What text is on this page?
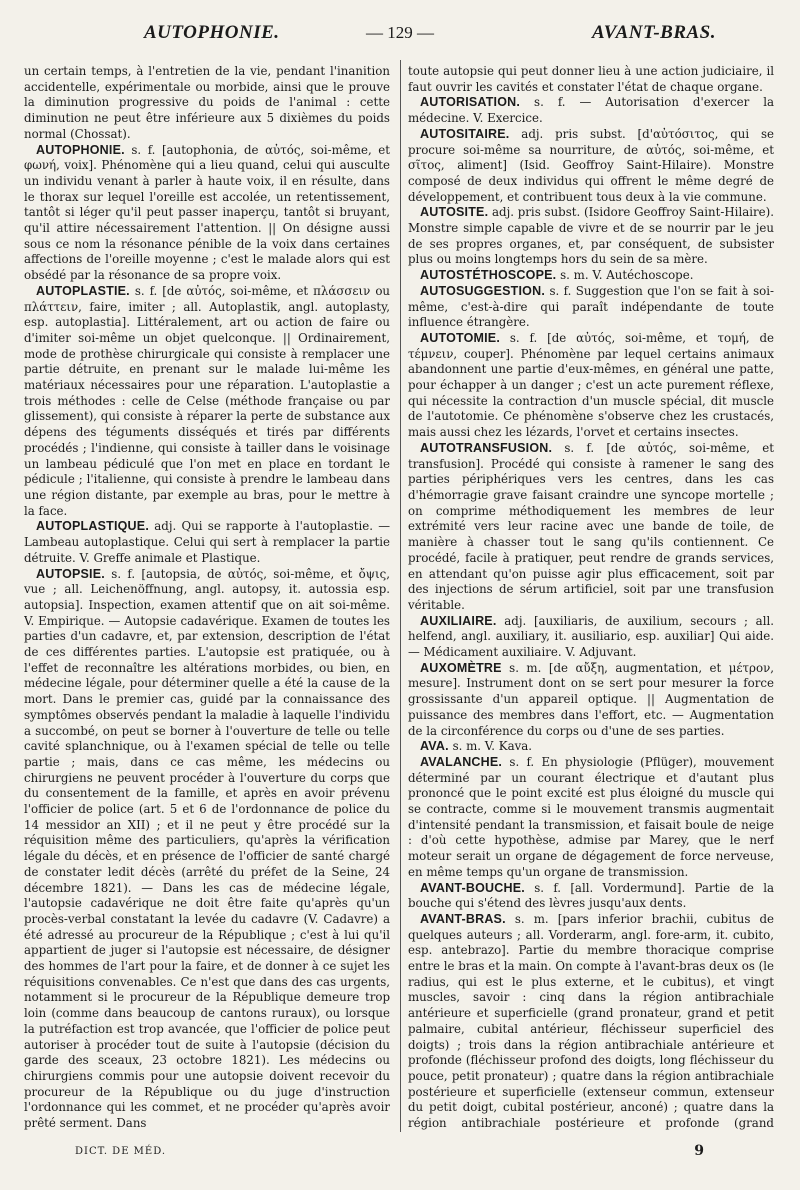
AUTOPHONIE.	— 129 —	AVANT-BRAS.

un certain temps, à l'entretien de la vie, pendant l'inanition accidentelle, expérimentale ou morbide, ainsi que le prouve la diminution progressive du poids de l'animal : cette diminution ne peut être inférieure aux 5 dixièmes du poids normal (Chossat).

AUTOPHONIE. s. f. [autophonia, de αὐτός, soi-même, et φωνή, voix]. Phénomène qui a lieu quand, celui qui ausculte un individu venant à parler à haute voix, il en résulte, dans le thorax sur lequel l'oreille est accolée, un retentissement, tantôt si léger qu'il peut passer inaperçu, tantôt si bruyant, qu'il attire nécessairement l'attention. || On désigne aussi sous ce nom la résonance pénible de la voix dans certaines affections de l'oreille moyenne ; c'est le malade alors qui est obsédé par la résonance de sa propre voix.

AUTOPLASTIE. s. f. [de αὐτός, soi-même, et πλάσσειν ou πλάττειν, faire, imiter ; all. Autoplastik, angl. autoplasty, esp. autoplastia]. Littéralement, art ou action de faire ou d'imiter soi-même un objet quelconque. || Ordinairement, mode de prothèse chirurgicale qui consiste à remplacer une partie détruite, en prenant sur le malade lui-même les matériaux nécessaires pour une réparation. L'autoplastie a trois méthodes : celle de Celse (méthode française ou par glissement), qui consiste à réparer la perte de substance aux dépens des téguments disséqués et tirés par différents procédés ; l'indienne, qui consiste à tailler dans le voisinage un lambeau pédiculé que l'on met en place en tordant le pédicule ; l'italienne, qui consiste à prendre le lambeau dans une région distante, par exemple au bras, pour le mettre à la face.

AUTOPLASTIQUE. adj. Qui se rapporte à l'autoplastie. — Lambeau autoplastique. Celui qui sert à remplacer la partie détruite. V. Greffe animale et Plastique.

AUTOPSIE. s. f. [autopsia, de αὐτός, soi-même, et ὄψις, vue ; all. Leichenöffnung, angl. autopsy, it. autossia esp. autopsia]. Inspection, examen attentif que on ait soi-même. V. Empirique. — Autopsie cadavérique. Examen de toutes les parties d'un cadavre, et, par extension, description de l'état de ces différentes parties. L'autopsie est pratiquée, ou à l'effet de reconnaître les altérations morbides, ou bien, en médecine légale, pour déterminer quelle a été la cause de la mort. Dans le premier cas, guidé par la connaissance des symptômes observés pendant la maladie à laquelle l'individu a succombé, on peut se borner à l'ouverture de telle ou telle cavité splanchnique, ou à l'examen spécial de telle ou telle partie ; mais, dans ce cas même, les médecins ou chirurgiens ne peuvent procéder à l'ouverture du corps que du consentement de la famille, et après en avoir prévenu l'officier de police (art. 5 et 6 de l'ordonnance de police du 14 messidor an XII) ; et il ne peut y être procédé sur la réquisition même des particuliers, qu'après la vérification légale du décès, et en présence de l'officier de santé chargé de constater ledit décès (arrêté du préfet de la Seine, 24 décembre 1821). — Dans les cas de médecine légale, l'autopsie cadavérique ne doit être faite qu'après qu'un procès-verbal constatant la levée du cadavre (V. Cadavre) a été adressé au procureur de la République ; c'est à lui qu'il appartient de juger si l'autopsie est nécessaire, de désigner des hommes de l'art pour la faire, et de donner à ce sujet les réquisitions convenables. Ce n'est que dans des cas urgents, notamment si le procureur de la République demeure trop loin (comme dans beaucoup de cantons ruraux), ou lorsque la putréfaction est trop avancée, que l'officier de police peut autoriser à procéder tout de suite à l'autopsie (décision du garde des sceaux, 23 octobre 1821). Les médecins ou chirurgiens commis pour une autopsie doivent recevoir du procureur de la République ou du juge d'instruction l'ordonnance qui les commet, et ne procéder qu'après avoir prêté serment. Dans

toute autopsie qui peut donner lieu à une action judiciaire, il faut ouvrir les cavités et constater l'état de chaque organe.

AUTORISATION. s. f. — Autorisation d'exercer la médecine. V. Exercice.

AUTOSITAIRE. adj. pris subst. [d'αὐτόσιτος, qui se procure soi-même sa nourriture, de αὐτός, soi-même, et σῖτος, aliment] (Isid. Geoffroy Saint-Hilaire). Monstre composé de deux individus qui offrent le même degré de développement, et contribuent tous deux à la vie commune.

AUTOSITE. adj. pris subst. (Isidore Geoffroy Saint-Hilaire). Monstre simple capable de vivre et de se nourrir par le jeu de ses propres organes, et, par conséquent, de subsister plus ou moins longtemps hors du sein de sa mère.

AUTOSTÉTHOSCOPE. s. m. V. Autéchoscope.

AUTOSUGGESTION. s. f. Suggestion que l'on se fait à soi-même, c'est-à-dire qui paraît indépendante de toute influence étrangère.

AUTOTOMIE. s. f. [de αὐτός, soi-même, et τομή, de τέμνειν, couper]. Phénomène par lequel certains animaux abandonnent une partie d'eux-mêmes, en général une patte, pour échapper à un danger ; c'est un acte purement réflexe, qui nécessite la contraction d'un muscle spécial, dit muscle de l'autotomie. Ce phénomène s'observe chez les crustacés, mais aussi chez les lézards, l'orvet et certains insectes.

AUTOTRANSFUSION. s. f. [de αὐτός, soi-même, et transfusion]. Procédé qui consiste à ramener le sang des parties périphériques vers les centres, dans les cas d'hémorragie grave faisant craindre une syncope mortelle ; on comprime méthodiquement les membres de leur extrémité vers leur racine avec une bande de toile, de manière à chasser tout le sang qu'ils contiennent. Ce procédé, facile à pratiquer, peut rendre de grands services, en attendant qu'on puisse agir plus efficacement, soit par des injections de sérum artificiel, soit par une transfusion véritable.

AUXILIAIRE. adj. [auxiliaris, de auxilium, secours ; all. helfend, angl. auxiliary, it. ausiliario, esp. auxiliar] Qui aide. — Médicament auxiliaire. V. Adjuvant.

AUXOMÈTRE s. m. [de αὔξη, augmentation, et μέτρον, mesure]. Instrument dont on se sert pour mesurer la force grossissante d'un appareil optique. || Augmentation de puissance des membres dans l'effort, etc. — Augmentation de la circonférence du corps ou d'une de ses parties.

AVA. s. m. V. Kava.

AVALANCHE. s. f. En physiologie (Pflüger), mouvement déterminé par un courant électrique et d'autant plus prononcé que le point excité est plus éloigné du muscle qui se contracte, comme si le mouvement transmis augmentait d'intensité pendant la transmission, et faisait boule de neige : d'où cette hypothèse, admise par Marey, que le nerf moteur serait un organe de dégagement de force nerveuse, en même temps qu'un organe de transmission.

AVANT-BOUCHE. s. f. [all. Vordermund]. Partie de la bouche qui s'étend des lèvres jusqu'aux dents.

AVANT-BRAS. s. m. [pars inferior brachii, cubitus de quelques auteurs ; all. Vorderarm, angl. fore-arm, it. cubito, esp. antebrazo]. Partie du membre thoracique comprise entre le bras et la main. On compte à l'avant-bras deux os (le radius, qui est le plus externe, et le cubitus), et vingt muscles, savoir : cinq dans la région antibrachiale antérieure et superficielle (grand pronateur, grand et petit palmaire, cubital antérieur, fléchisseur superficiel des doigts) ; trois dans la région antibrachiale antérieure et profonde (fléchisseur profond des doigts, long fléchisseur du pouce, petit pronateur) ; quatre dans la région antibrachiale postérieure et superficielle (extenseur commun, extenseur du petit doigt, cubital postérieur, anconé) ; quatre dans la région antibrachiale postérieure et profonde (grand

DICT. DE MÉD.	9
